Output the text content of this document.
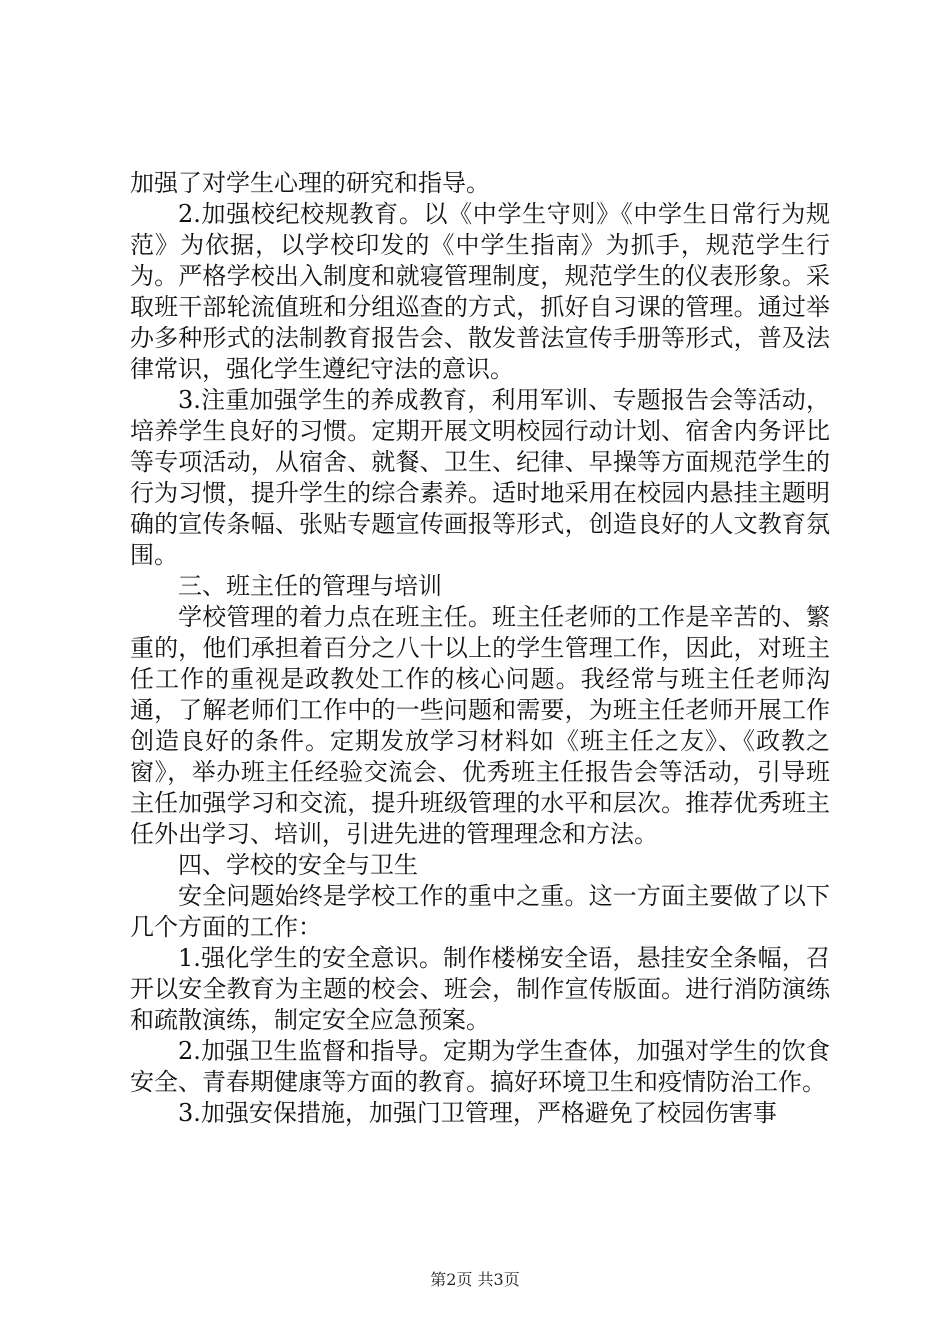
加强了对学生心理的研究和指导。

2.加强校纪校规教育。以《中学生守则》《中学生日常行为规范》为依据，以学校印发的《中学生指南》为抓手，规范学生行为。严格学校出入制度和就寝管理制度，规范学生的仪表形象。采取班干部轮流值班和分组巡查的方式，抓好自习课的管理。通过举办多种形式的法制教育报告会、散发普法宣传手册等形式，普及法律常识，强化学生遵纪守法的意识。

3.注重加强学生的养成教育，利用军训、专题报告会等活动，培养学生良好的习惯。定期开展文明校园行动计划、宿舍内务评比等专项活动，从宿舍、就餐、卫生、纪律、早操等方面规范学生的行为习惯，提升学生的综合素养。适时地采用在校园内悬挂主题明确的宣传条幅、张贴专题宣传画报等形式，创造良好的人文教育氛围。

三、班主任的管理与培训

学校管理的着力点在班主任。班主任老师的工作是辛苦的、繁重的，他们承担着百分之八十以上的学生管理工作，因此，对班主任工作的重视是政教处工作的核心问题。我经常与班主任老师沟通，了解老师们工作中的一些问题和需要，为班主任老师开展工作创造良好的条件。定期发放学习材料如《班主任之友》、《政教之窗》，举办班主任经验交流会、优秀班主任报告会等活动，引导班主任加强学习和交流，提升班级管理的水平和层次。推荐优秀班主任外出学习、培训，引进先进的管理理念和方法。

四、学校的安全与卫生

安全问题始终是学校工作的重中之重。这一方面主要做了以下几个方面的工作：

1.强化学生的安全意识。制作楼梯安全语，悬挂安全条幅，召开以安全教育为主题的校会、班会，制作宣传版面。进行消防演练和疏散演练，制定安全应急预案。

2.加强卫生监督和指导。定期为学生查体，加强对学生的饮食安全、青春期健康等方面的教育。搞好环境卫生和疫情防治工作。

3.加强安保措施，加强门卫管理，严格避免了校园伤害事

第2页 共3页
